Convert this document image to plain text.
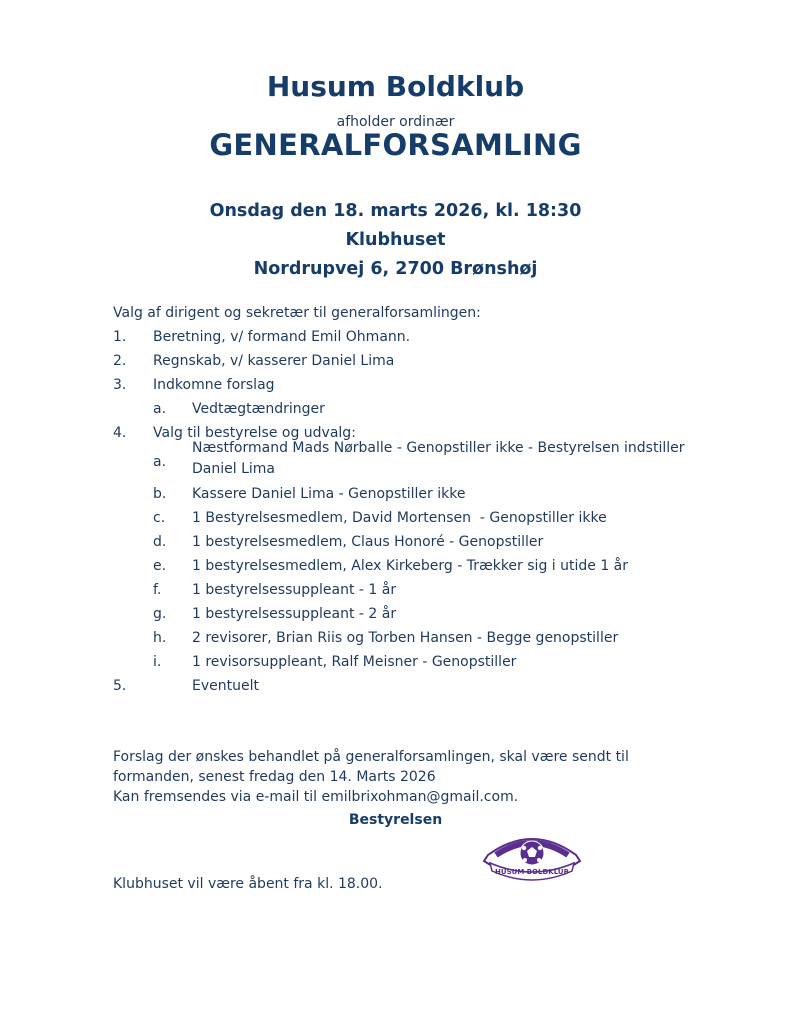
Husum Boldklub
afholder ordinær
GENERALFORSAMLING
Onsdag den 18. marts 2026, kl. 18:30
Klubhuset
Nordrupvej 6, 2700 Brønshøj
Valg af dirigent og sekretær til generalforsamlingen:
1. Beretning, v/ formand Emil Ohmann.
2. Regnskab, v/ kasserer Daniel Lima
3. Indkomne forslag
a. Vedtægtændringer
4. Valg til bestyrelse og udvalg:
a.
Næstformand Mads Nørballe - Genopstiller ikke - Bestyrelsen indstiller Daniel Lima
b. Kassere Daniel Lima - Genopstiller ikke
c. 1 Bestyrelsesmedlem, David Mortensen  - Genopstiller ikke
d. 1 bestyrelsesmedlem, Claus Honoré - Genopstiller
e. 1 bestyrelsesmedlem, Alex Kirkeberg - Trækker sig i utide 1 år
f. 1 bestyrelsessuppleant - 1 år
g. 1 bestyrelsessuppleant - 2 år
h. 2 revisorer, Brian Riis og Torben Hansen - Begge genopstiller
i. 1 revisorsuppleant, Ralf Meisner - Genopstiller
5.	Eventuelt
Forslag der ønskes behandlet på generalforsamlingen, skal være sendt til
formanden, senest fredag den 14. Marts 2026
Kan fremsendes via e-mail til emilbrixohman@gmail.com.
Bestyrelsen
HUSUM BOLDKLUB
Klubhuset vil være åbent fra kl. 18.00.
